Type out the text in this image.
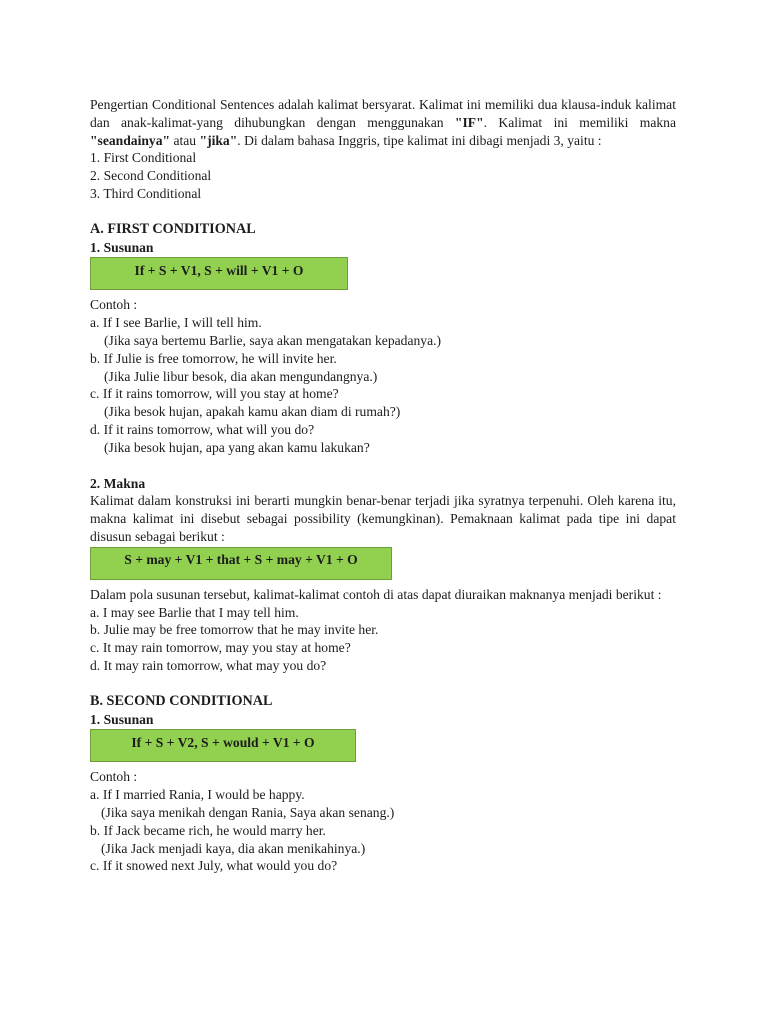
Pengertian Conditional Sentences adalah kalimat bersyarat. Kalimat ini memiliki dua klausa-induk kalimat dan anak-kalimat-yang dihubungkan dengan menggunakan "IF". Kalimat ini memiliki makna "seandainya" atau "jika". Di dalam bahasa Inggris, tipe kalimat ini dibagi menjadi 3, yaitu :

1. First Conditional

2. Second Conditional

3. Third Conditional

A. FIRST CONDITIONAL

1. Susunan

If + S + V1, S + will + V1 + O

Contoh :

a. If I see Barlie, I will tell him.

(Jika saya bertemu Barlie, saya akan mengatakan kepadanya.)

b. If Julie is free tomorrow, he will invite her.

(Jika Julie libur besok, dia akan mengundangnya.)

c. If it rains tomorrow, will you stay at home?

(Jika besok hujan, apakah kamu akan diam di rumah?)

d. If it rains tomorrow, what will you do?

(Jika besok hujan, apa yang akan kamu lakukan?

2. Makna

Kalimat dalam konstruksi ini berarti mungkin benar-benar terjadi jika syratnya terpenuhi. Oleh karena itu, makna kalimat ini disebut sebagai possibility (kemungkinan). Pemaknaan kalimat pada tipe ini dapat disusun sebagai berikut :

S + may + V1 + that + S + may + V1 + O

Dalam pola susunan tersebut, kalimat-kalimat contoh di atas dapat diuraikan maknanya menjadi berikut :

a. I may see Barlie that I may tell him.

b. Julie may be free tomorrow that he may invite her.

c. It may rain tomorrow, may you stay at home?

d. It may rain tomorrow, what may you do?

B. SECOND CONDITIONAL

1. Susunan

If + S + V2, S + would + V1 + O

Contoh :

a. If I married Rania, I would be happy.

(Jika saya menikah dengan Rania, Saya akan senang.)

b. If Jack became rich, he would marry her.

(Jika Jack menjadi kaya, dia akan menikahinya.)

c. If it snowed next July, what would you do?
